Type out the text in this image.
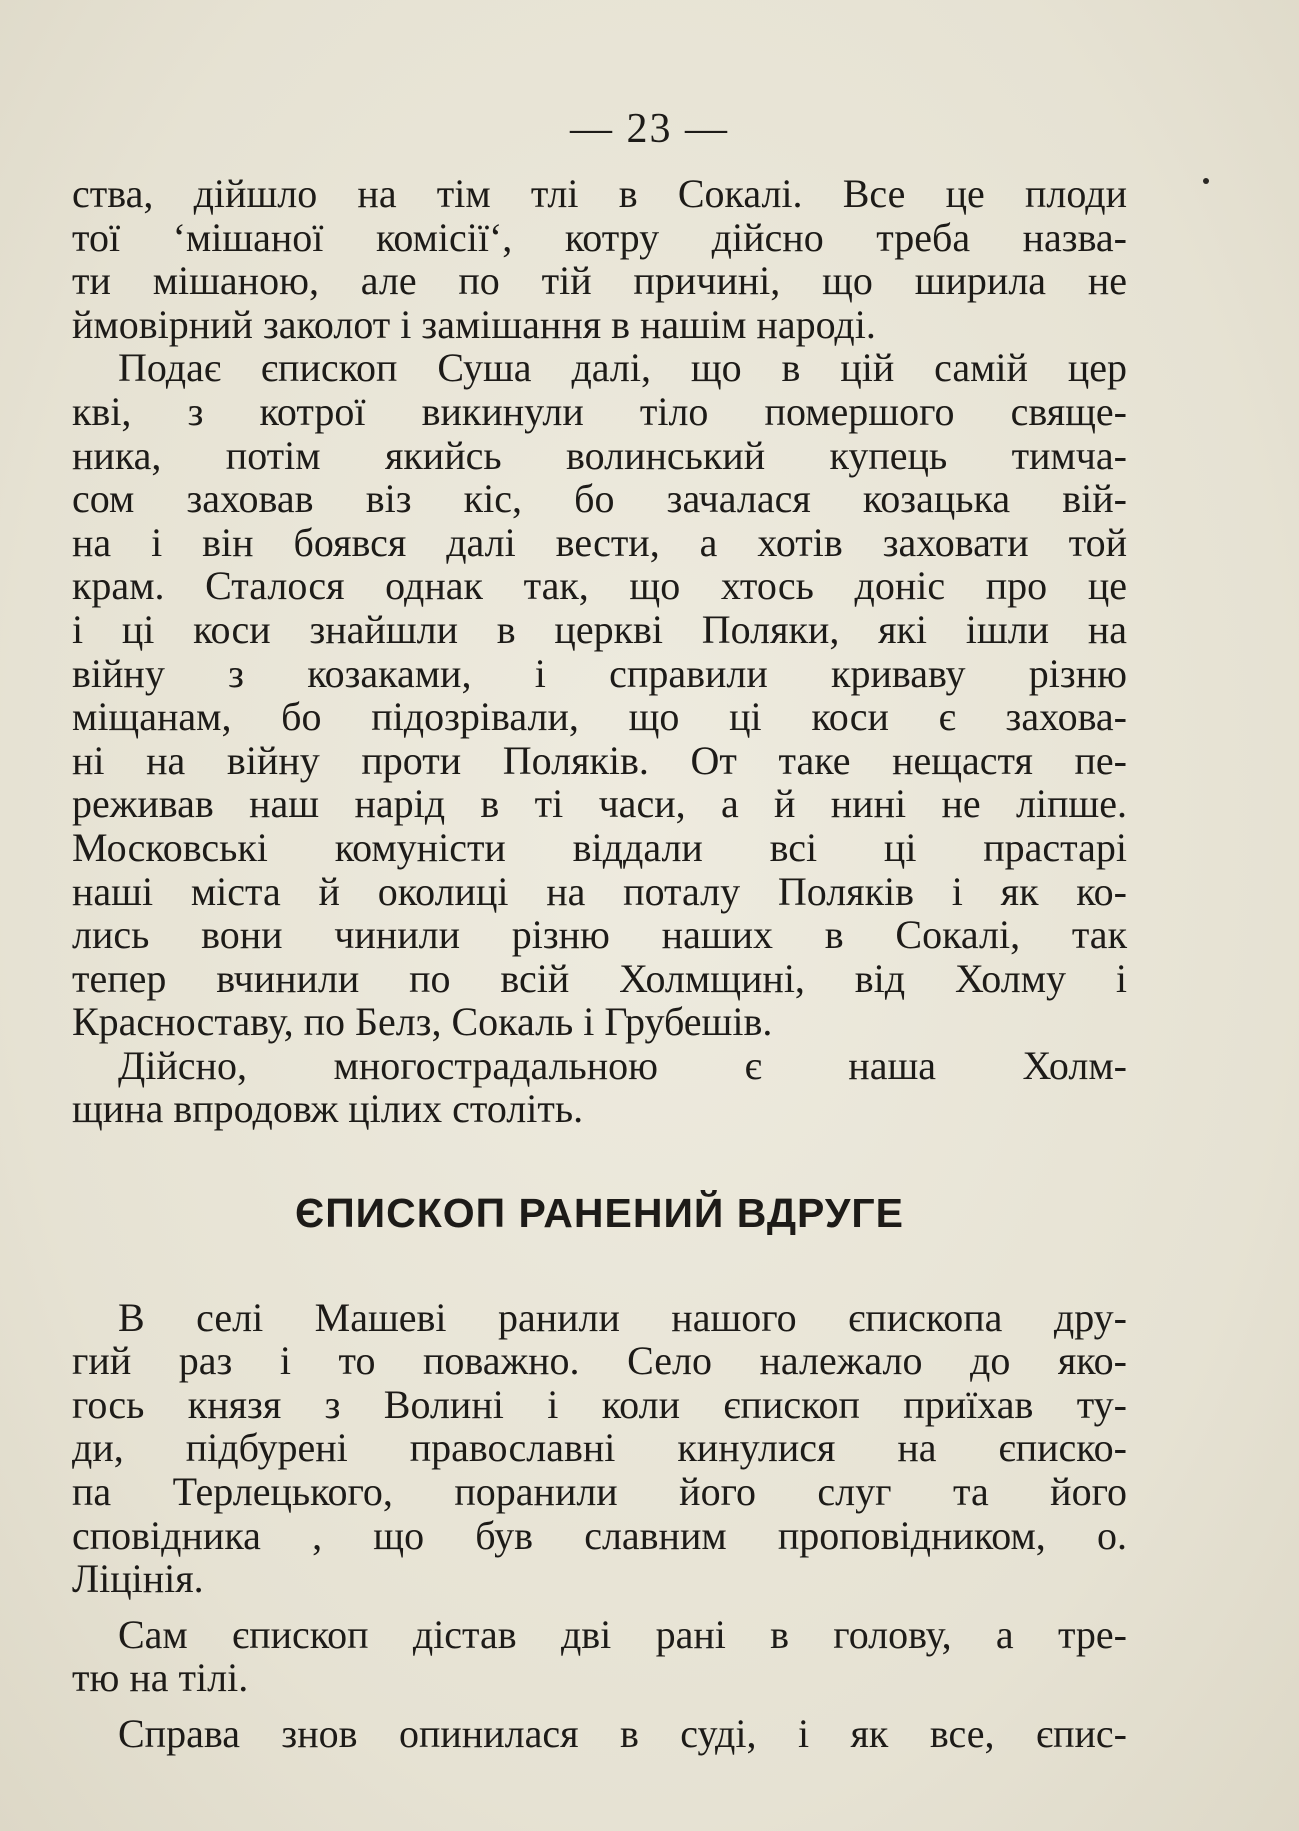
— 23 —
ства, дійшло на тім тлі в Сокалі. Все це плоди
тої ‘мішаної комісії‘, котру дійсно треба назва-
ти мішаною, але по тій причині, що ширила не
ймовірний заколот і замішання в нашім народі.
Подає єпископ Суша далі, що в цій самій цер
кві, з котрої викинули тіло помершого свяще-
ника, потім якийсь волинський купець тимча-
сом заховав віз кіс, бо зачалася козацька вій-
на і він боявся далі вести, а хотів заховати той
крам. Сталося однак так, що хтось доніс про це
і ці коси знайшли в церкві Поляки, які ішли на
війну з козаками, і справили криваву різню
міщанам, бо підозрівали, що ці коси є захова-
ні на війну проти Поляків. От таке нещастя пе-
реживав наш нарід в ті часи, а й нині не ліпше.
Московські комуністи віддали всі ці прастарі
наші міста й околиці на поталу Поляків і як ко-
лись вони чинили різню наших в Сокалі, так
тепер вчинили по всій Холмщині, від Холму і
Красноставу, по Белз, Сокаль і Грубешів.
Дійсно, многострадальною є наша Холм-
щина впродовж цілих століть.
ЄПИСКОП РАНЕНИЙ ВДРУГЕ
В селі Машеві ранили нашого єпископа дру-
гий раз і то поважно. Село належало до яко-
гось князя з Волині і коли єпископ приїхав ту-
ди, підбурені православні кинулися на єписко-
па Терлецького, поранили його слуг та його
сповідника , що був славним проповідником, о.
Ліцінія.
Сам єпископ дістав дві рані в голову, а тре-
тю на тілі.
Справа знов опинилася в суді, і як все, єпис-
